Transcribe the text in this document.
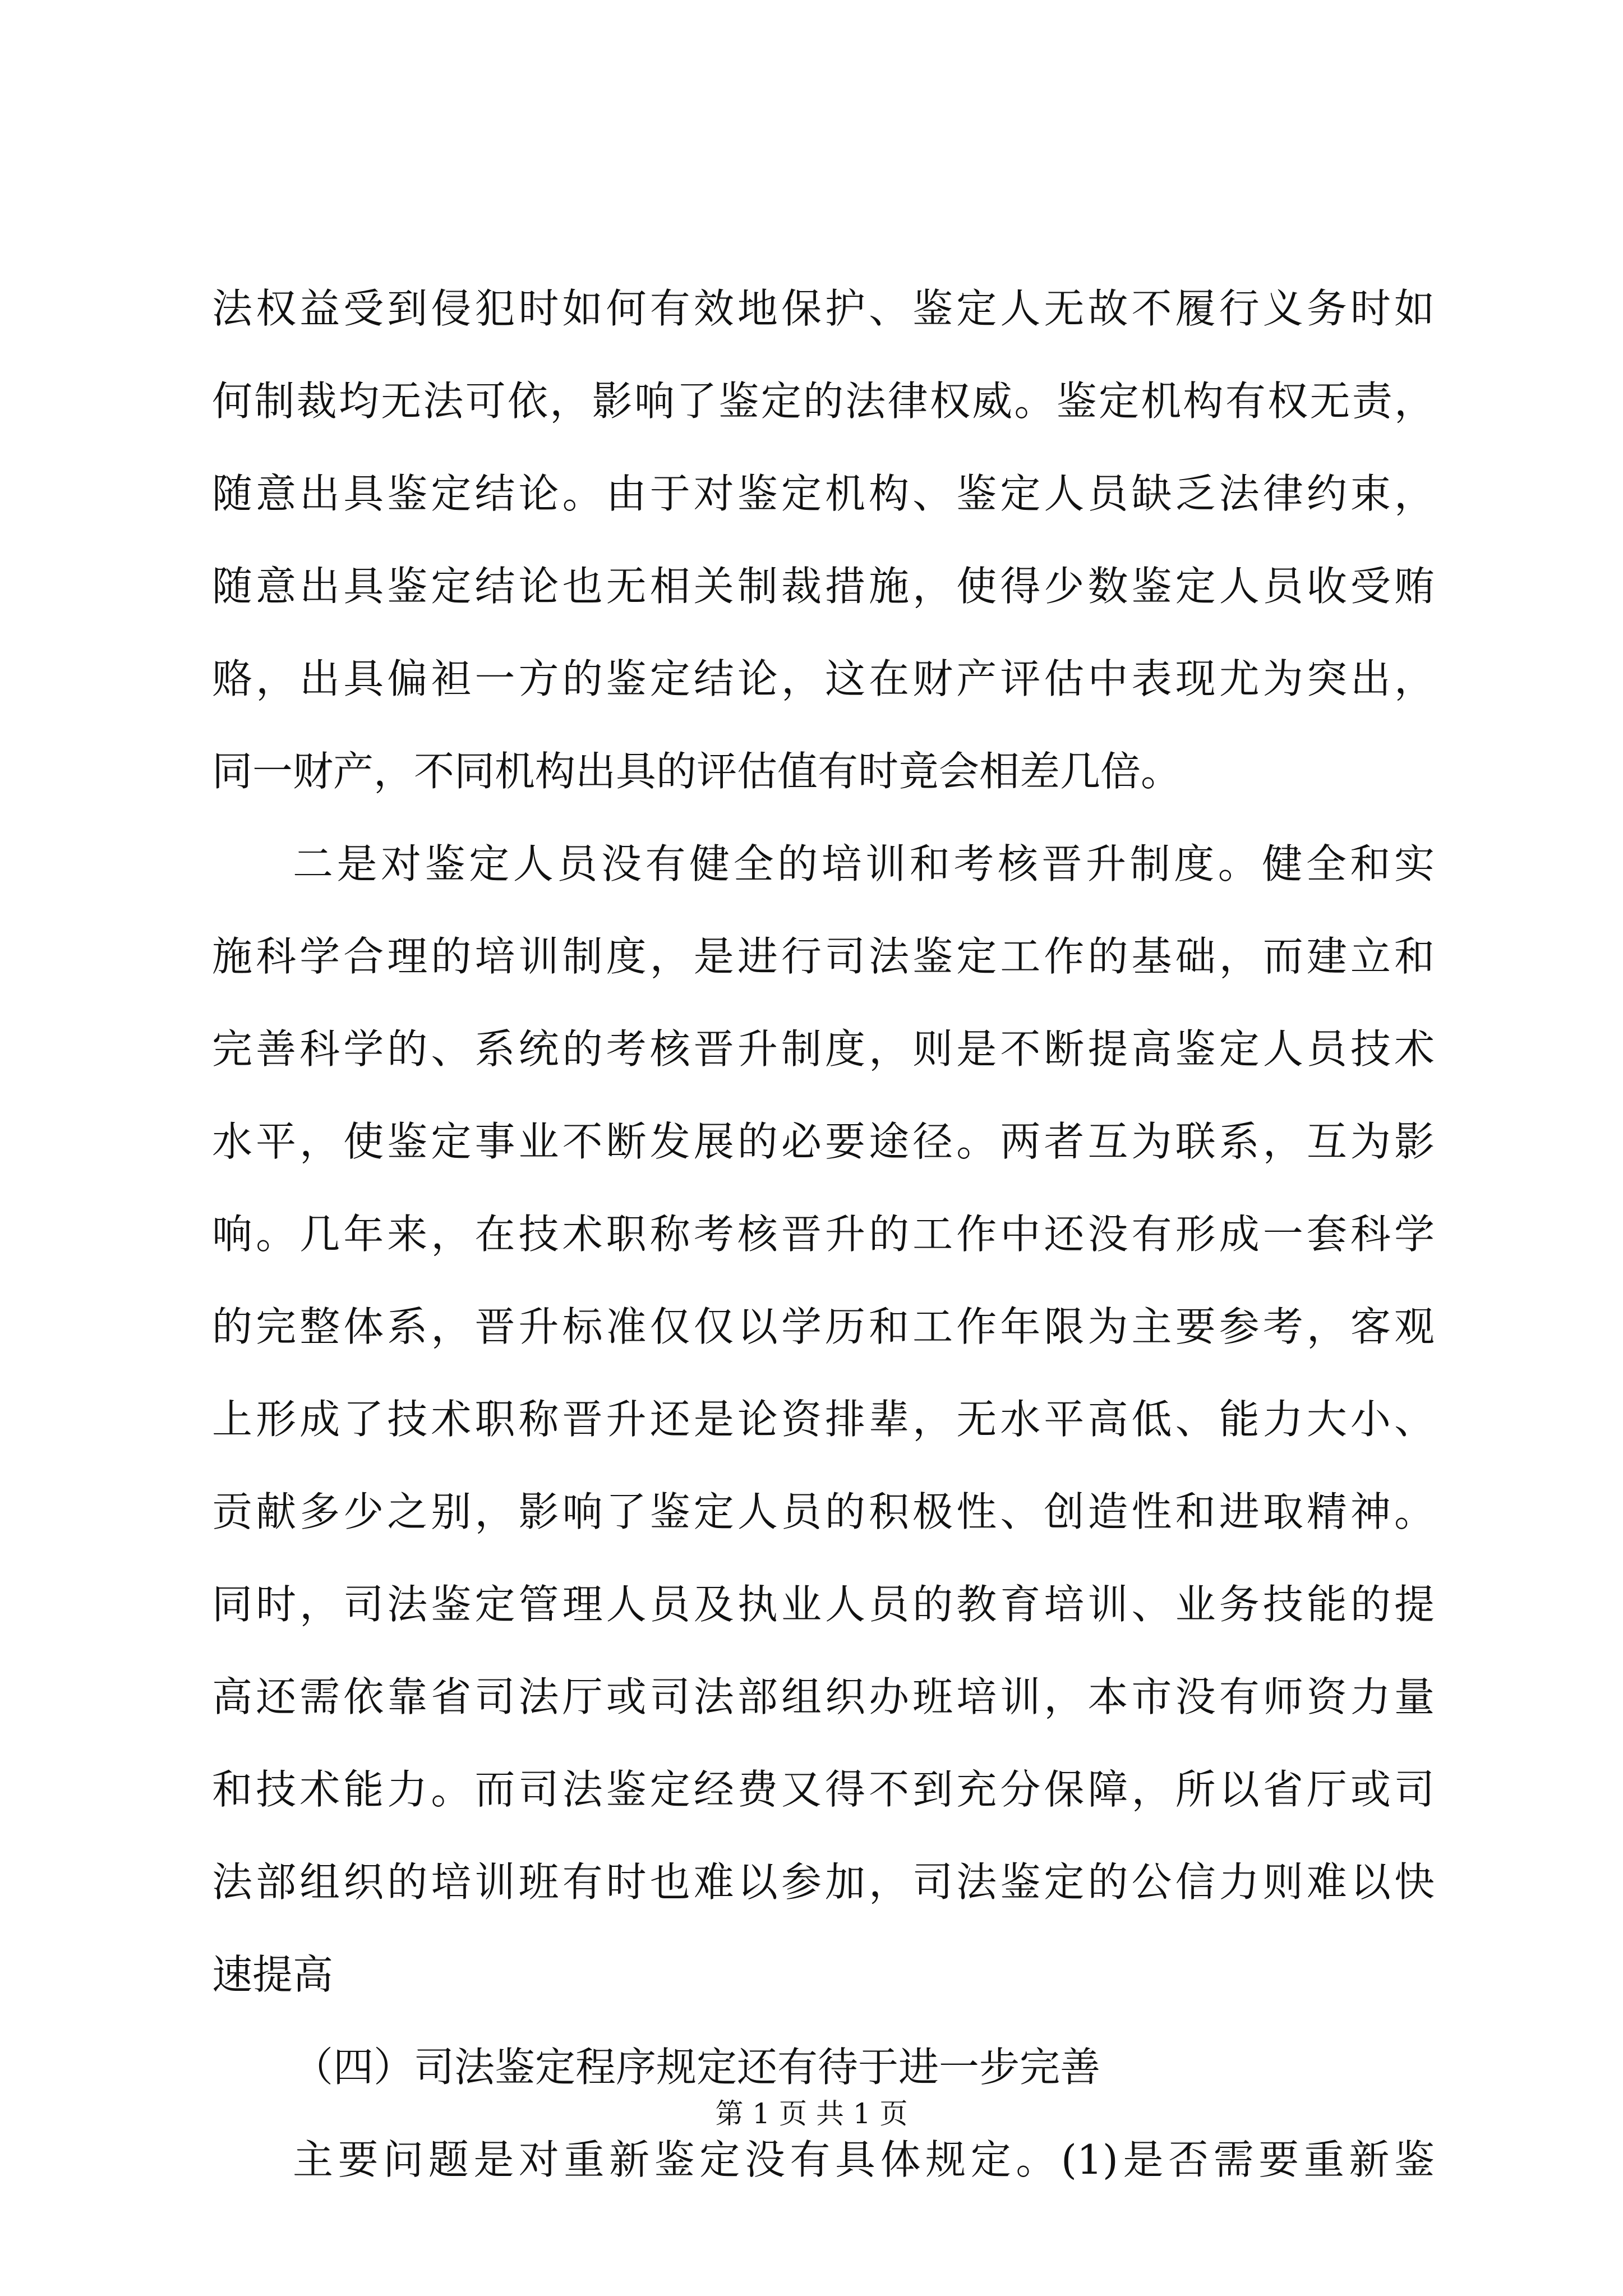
法权益受到侵犯时如何有效地保护、鉴定人无故不履行义务时如
何制裁均无法可依，影响了鉴定的法律权威。鉴定机构有权无责，
随意出具鉴定结论。由于对鉴定机构、鉴定人员缺乏法律约束，
随意出具鉴定结论也无相关制裁措施，使得少数鉴定人员收受贿
赂，出具偏袒一方的鉴定结论，这在财产评估中表现尤为突出，
同一财产，不同机构出具的评估值有时竟会相差几倍。
二是对鉴定人员没有健全的培训和考核晋升制度。健全和实
施科学合理的培训制度，是进行司法鉴定工作的基础，而建立和
完善科学的、系统的考核晋升制度，则是不断提高鉴定人员技术
水平，使鉴定事业不断发展的必要途径。两者互为联系，互为影
响。几年来，在技术职称考核晋升的工作中还没有形成一套科学
的完整体系，晋升标准仅仅以学历和工作年限为主要参考，客观
上形成了技术职称晋升还是论资排辈，无水平高低、能力大小、
贡献多少之别，影响了鉴定人员的积极性、创造性和进取精神。
同时，司法鉴定管理人员及执业人员的教育培训、业务技能的提
高还需依靠省司法厅或司法部组织办班培训，本市没有师资力量
和技术能力。而司法鉴定经费又得不到充分保障，所以省厅或司
法部组织的培训班有时也难以参加，司法鉴定的公信力则难以快
速提高
（四）司法鉴定程序规定还有待于进一步完善
主要问题是对重新鉴定没有具体规定。(1)是否需要重新鉴
第 1 页 共 1 页
